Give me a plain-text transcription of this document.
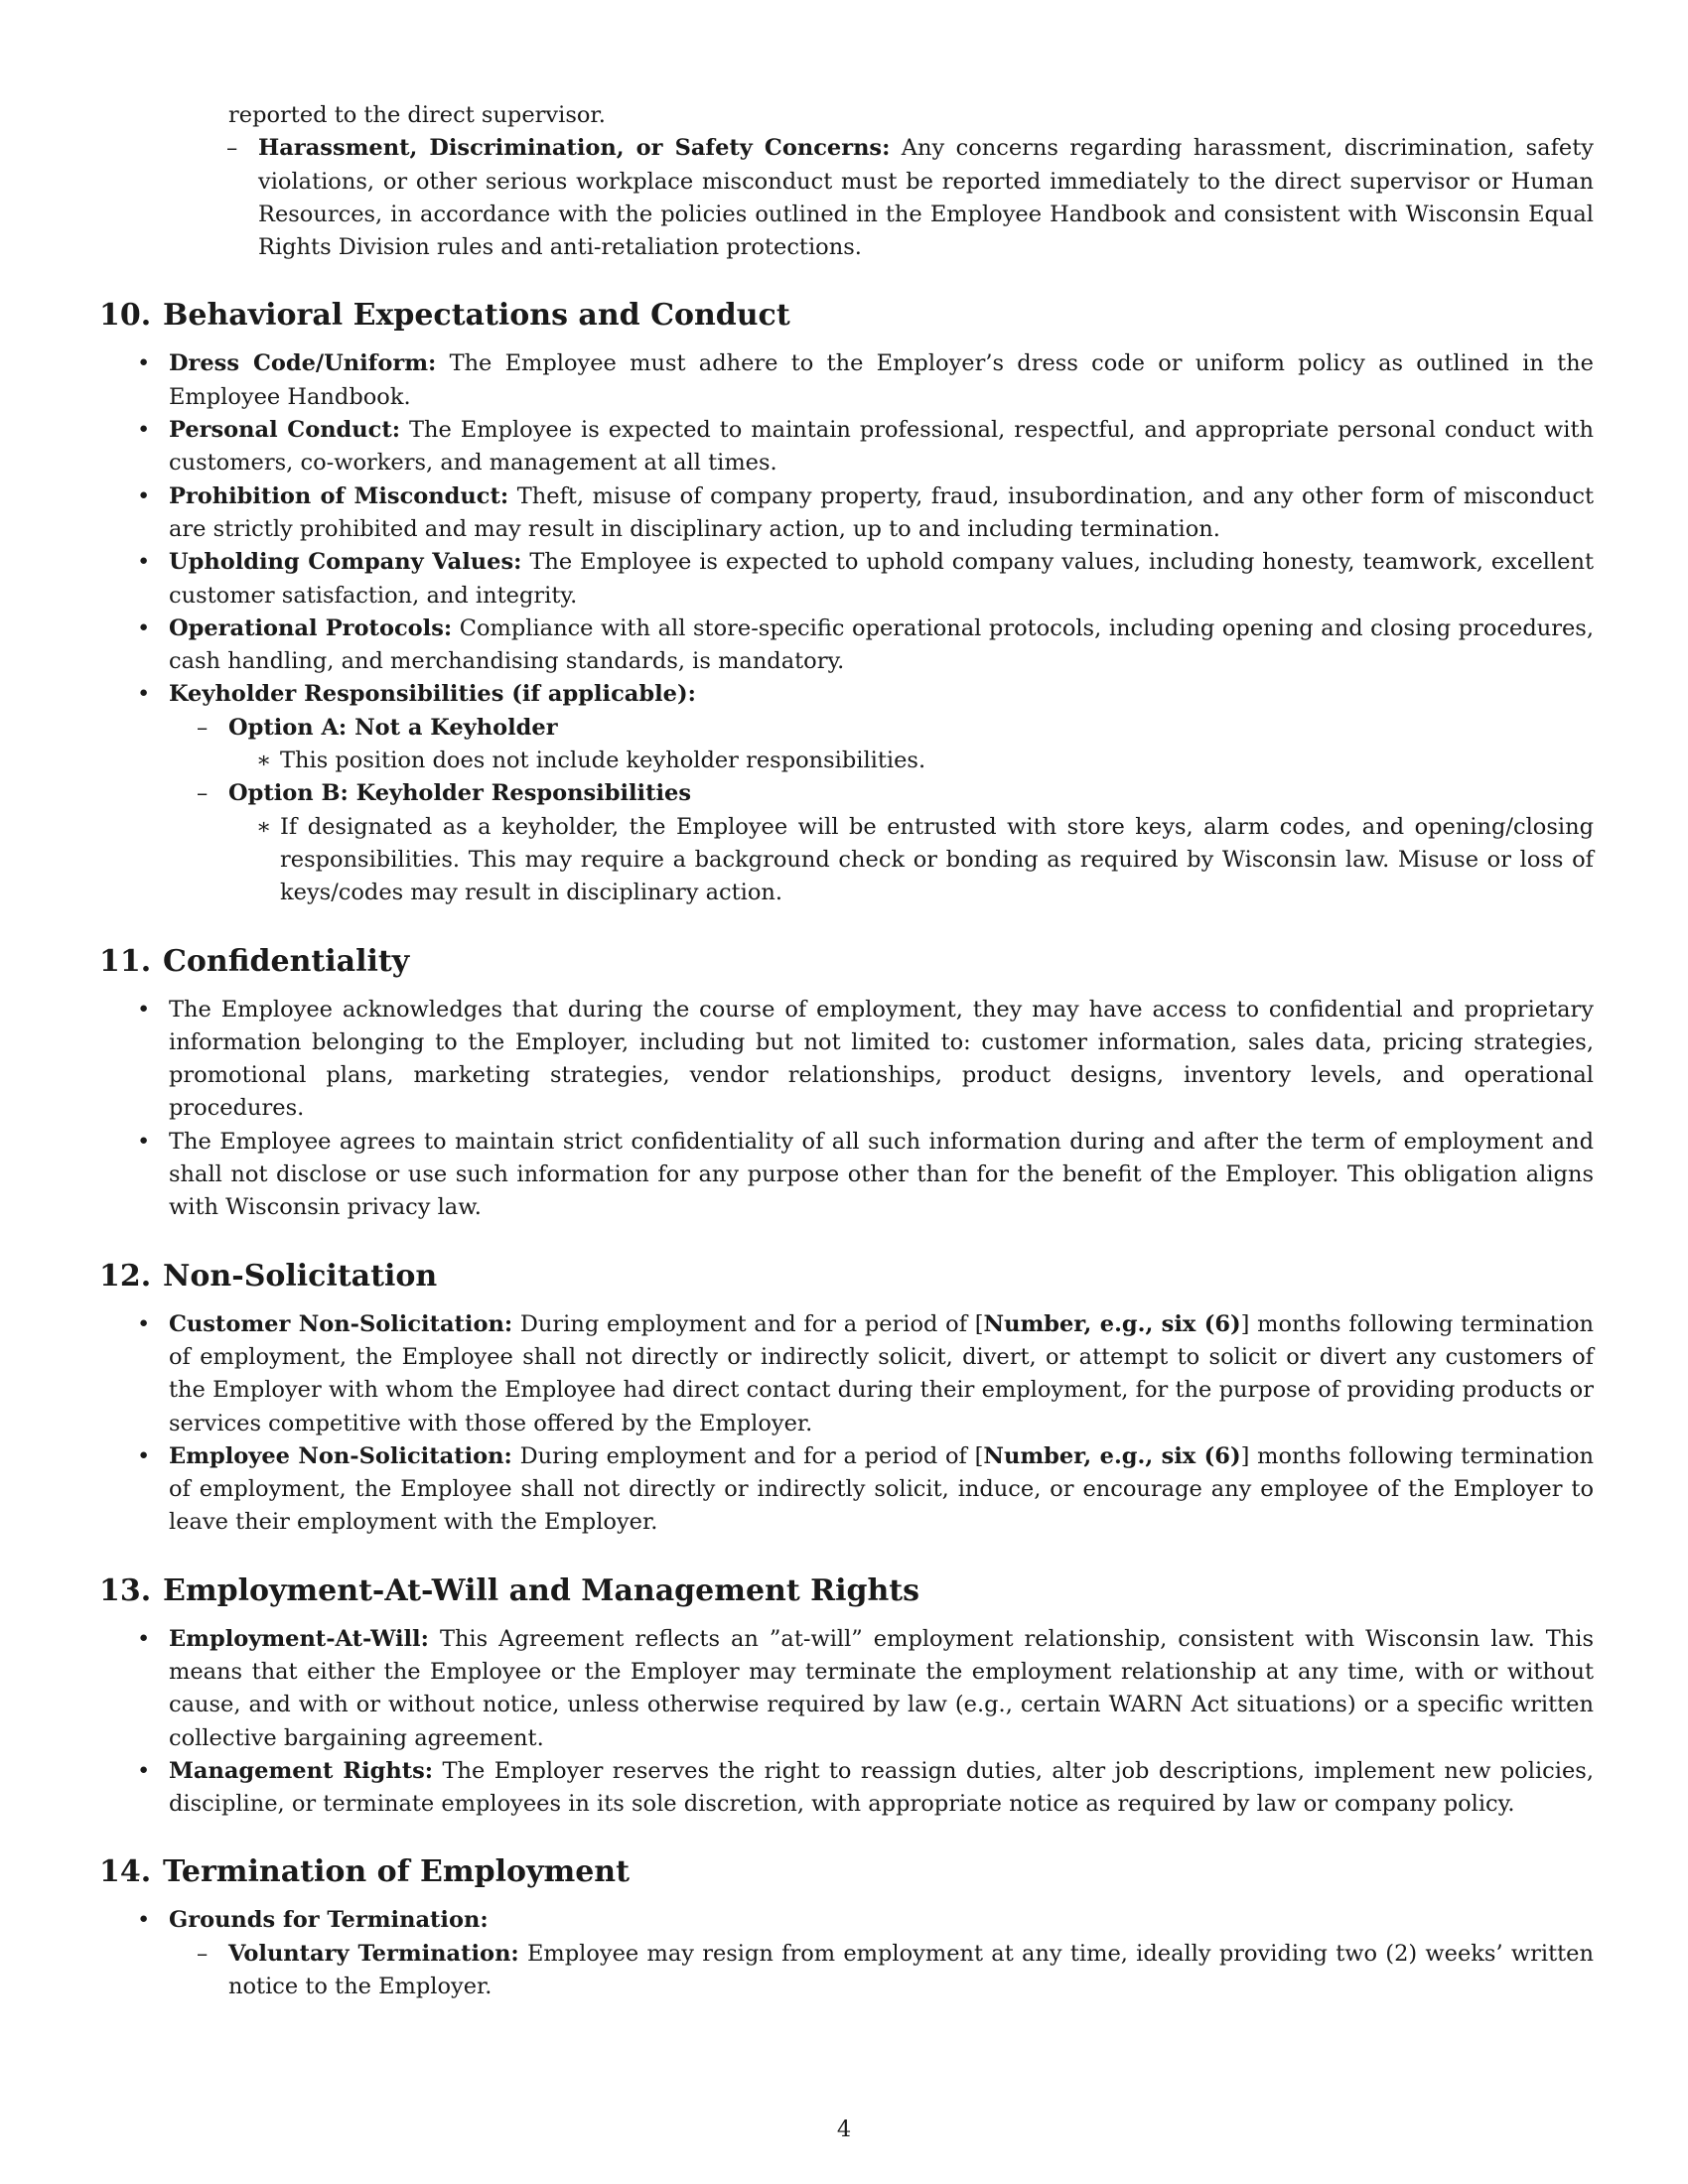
reported to the direct supervisor.
– Harassment, Discrimination, or Safety Concerns: Any concerns regarding harassment, discrimination, safety violations, or other serious workplace misconduct must be reported immediately to the direct supervisor or Human Resources, in accordance with the policies outlined in the Employee Handbook and consistent with Wisconsin Equal Rights Division rules and anti-retaliation protections.
10. Behavioral Expectations and Conduct
• Dress Code/Uniform: The Employee must adhere to the Employer’s dress code or uniform policy as outlined in the Employee Handbook.
• Personal Conduct: The Employee is expected to maintain professional, respectful, and appropriate personal conduct with customers, co-workers, and management at all times.
• Prohibition of Misconduct: Theft, misuse of company property, fraud, insubordination, and any other form of misconduct are strictly prohibited and may result in disciplinary action, up to and including termination.
• Upholding Company Values: The Employee is expected to uphold company values, including honesty, teamwork, excellent customer satisfaction, and integrity.
• Operational Protocols: Compliance with all store-specific operational protocols, including opening and closing procedures, cash handling, and merchandising standards, is mandatory.
• Keyholder Responsibilities (if applicable):
– Option A: Not a Keyholder
∗ This position does not include keyholder responsibilities.
– Option B: Keyholder Responsibilities
∗ If designated as a keyholder, the Employee will be entrusted with store keys, alarm codes, and opening/closing responsibilities. This may require a background check or bonding as required by Wisconsin law. Misuse or loss of keys/codes may result in disciplinary action.
11. Confidentiality
• The Employee acknowledges that during the course of employment, they may have access to confidential and proprietary information belonging to the Employer, including but not limited to: customer information, sales data, pricing strategies, promotional plans, marketing strategies, vendor relationships, product designs, inventory levels, and operational procedures.
• The Employee agrees to maintain strict confidentiality of all such information during and after the term of employment and shall not disclose or use such information for any purpose other than for the benefit of the Employer. This obligation aligns with Wisconsin privacy law.
12. Non-Solicitation
• Customer Non-Solicitation: During employment and for a period of [Number, e.g., six (6)] months following termination of employment, the Employee shall not directly or indirectly solicit, divert, or attempt to solicit or divert any customers of the Employer with whom the Employee had direct contact during their employment, for the purpose of providing products or services competitive with those offered by the Employer.
• Employee Non-Solicitation: During employment and for a period of [Number, e.g., six (6)] months following termination of employment, the Employee shall not directly or indirectly solicit, induce, or encourage any employee of the Employer to leave their employment with the Employer.
13. Employment-At-Will and Management Rights
• Employment-At-Will: This Agreement reflects an ”at-will” employment relationship, consistent with Wisconsin law. This means that either the Employee or the Employer may terminate the employment relationship at any time, with or without cause, and with or without notice, unless otherwise required by law (e.g., certain WARN Act situations) or a specific written collective bargaining agreement.
• Management Rights: The Employer reserves the right to reassign duties, alter job descriptions, implement new policies, discipline, or terminate employees in its sole discretion, with appropriate notice as required by law or company policy.
14. Termination of Employment
• Grounds for Termination:
– Voluntary Termination: Employee may resign from employment at any time, ideally providing two (2) weeks’ written notice to the Employer.
4
